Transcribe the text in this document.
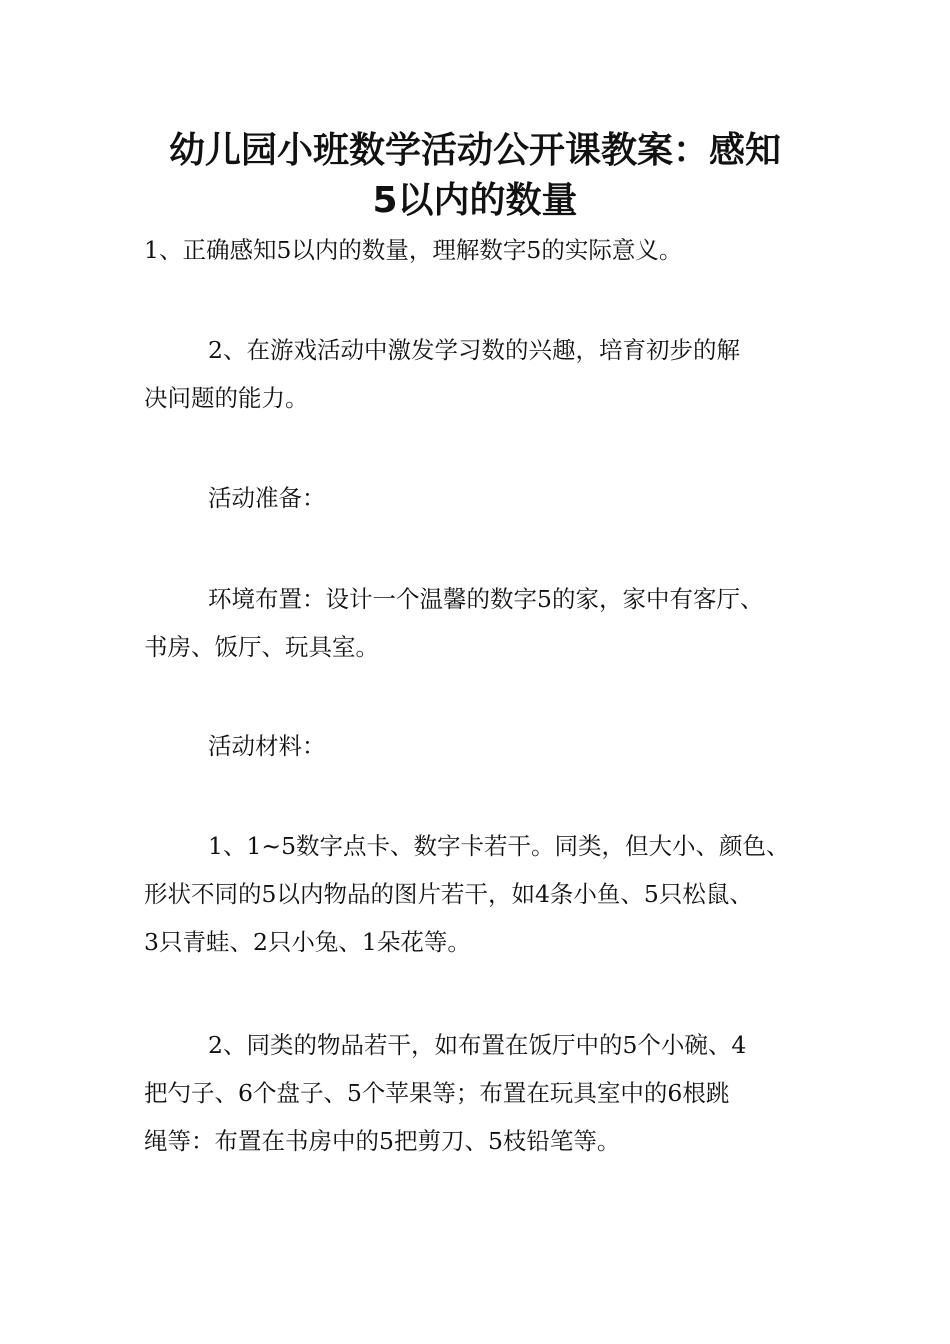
幼儿园小班数学活动公开课教案：感知
5以内的数量

1、正确感知5以内的数量，理解数字5的实际意义。

2、在游戏活动中激发学习数的兴趣，培育初步的解
决问题的能力。

活动准备：

环境布置：设计一个温馨的数字5的家，家中有客厅、
书房、饭厅、玩具室。

活动材料：

1、1~5数字点卡、数字卡若干。同类，但大小、颜色、
形状不同的5以内物品的图片若干，如4条小鱼、5只松鼠、
3只青蛙、2只小兔、1朵花等。

2、同类的物品若干，如布置在饭厅中的5个小碗、4
把勺子、6个盘子、5个苹果等；布置在玩具室中的6根跳
绳等：布置在书房中的5把剪刀、5枝铅笔等。
